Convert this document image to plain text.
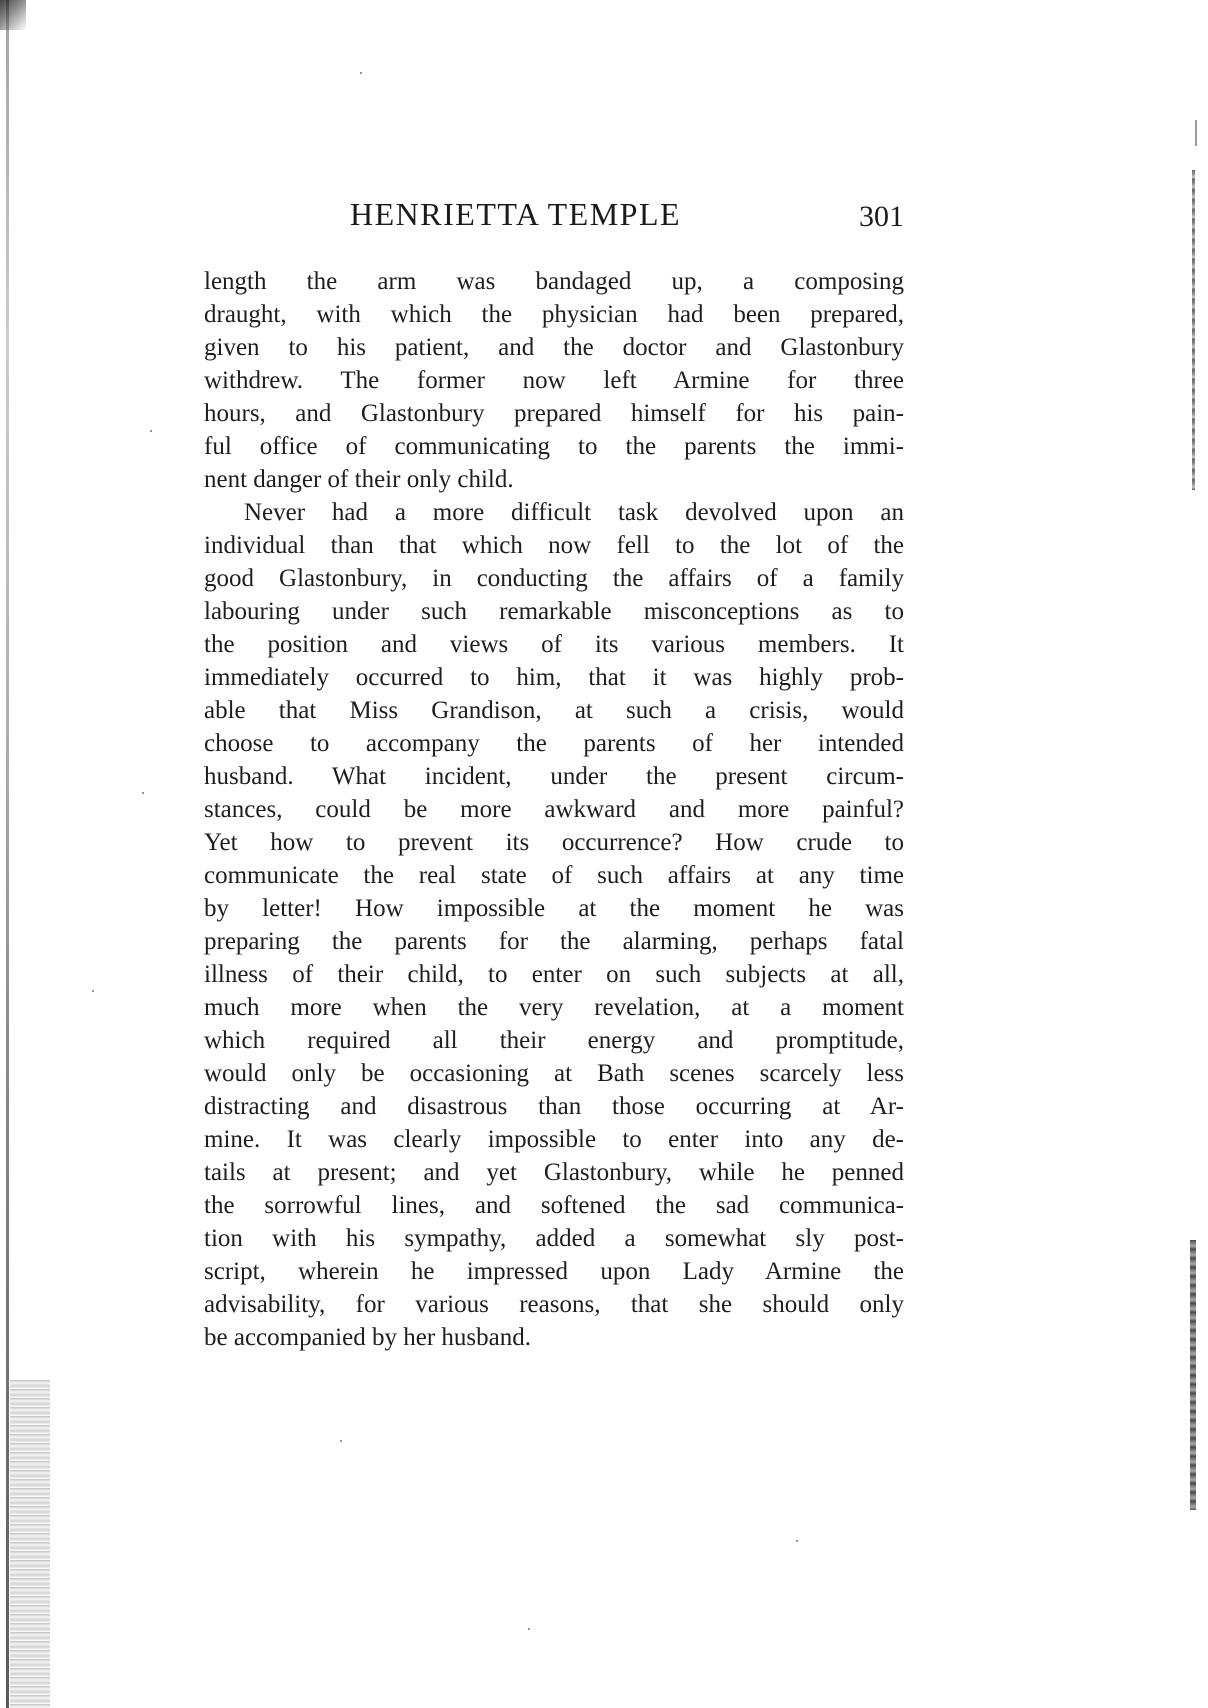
HENRIETTA TEMPLE	301
length the arm was bandaged up, a composing
draught, with which the physician had been prepared,
given to his patient, and the doctor and Glastonbury
withdrew. The former now left Armine for three
hours, and Glastonbury prepared himself for his pain-
ful office of communicating to the parents the immi-
nent danger of their only child.
Never had a more difficult task devolved upon an
individual than that which now fell to the lot of the
good Glastonbury, in conducting the affairs of a family
labouring under such remarkable misconceptions as to
the position and views of its various members. It
immediately occurred to him, that it was highly prob-
able that Miss Grandison, at such a crisis, would
choose to accompany the parents of her intended
husband. What incident, under the present circum-
stances, could be more awkward and more painful?
Yet how to prevent its occurrence? How crude to
communicate the real state of such affairs at any time
by letter! How impossible at the moment he was
preparing the parents for the alarming, perhaps fatal
illness of their child, to enter on such subjects at all,
much more when the very revelation, at a moment
which required all their energy and promptitude,
would only be occasioning at Bath scenes scarcely less
distracting and disastrous than those occurring at Ar-
mine. It was clearly impossible to enter into any de-
tails at present; and yet Glastonbury, while he penned
the sorrowful lines, and softened the sad communica-
tion with his sympathy, added a somewhat sly post-
script, wherein he impressed upon Lady Armine the
advisability, for various reasons, that she should only
be accompanied by her husband.
